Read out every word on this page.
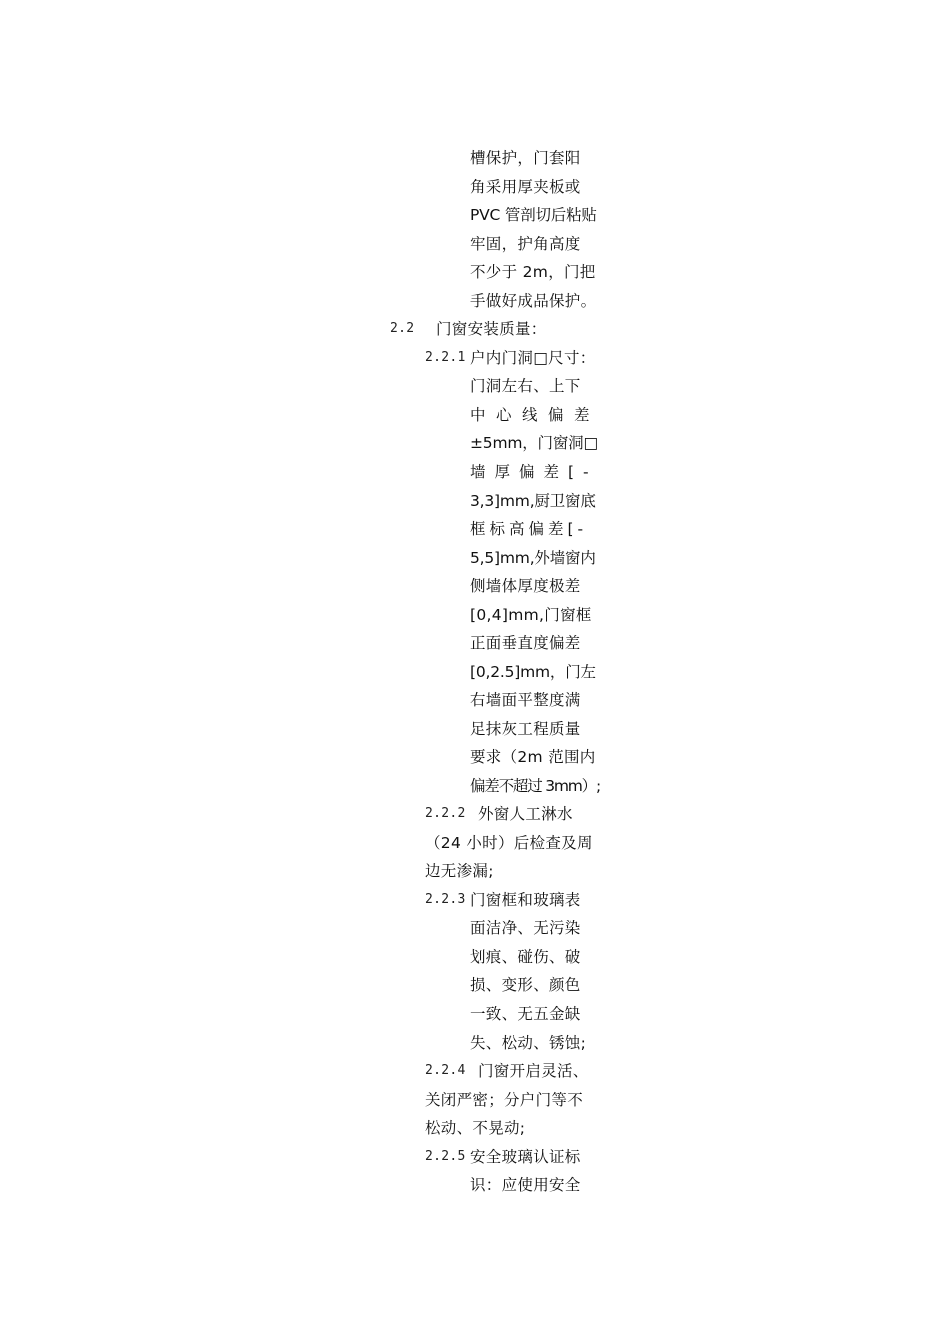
槽保护，门套阳
角采用厚夹板或
PVC 管剖切后粘贴
牢固，护角高度
不少于 2m，门把
手做好成品保护。
2.2 门窗安装质量：
2.2.1 户内门洞□尺寸：
门洞左右、上下
中心线偏差
±5mm，门窗洞□
墙厚偏差[-
3,3]mm,厨卫窗底
框标高偏差[-
5,5]mm,外墙窗内
侧墙体厚度极差
[0,4]mm,门窗框
正面垂直度偏差
[0,2.5]mm，门左
右墙面平整度满
足抹灰工程质量
要求（2m 范围内
偏差不超过 3mm）;
2.2.2 外窗人工淋水
（24 小时）后检查及周
边无渗漏;
2.2.3 门窗框和玻璃表
面洁净、无污染
划痕、碰伤、破
损、变形、颜色
一致、无五金缺
失、松动、锈蚀;
2.2.4 门窗开启灵活、
关闭严密；分户门等不
松动、不晃动;
2.2.5 安全玻璃认证标
识：应使用安全
